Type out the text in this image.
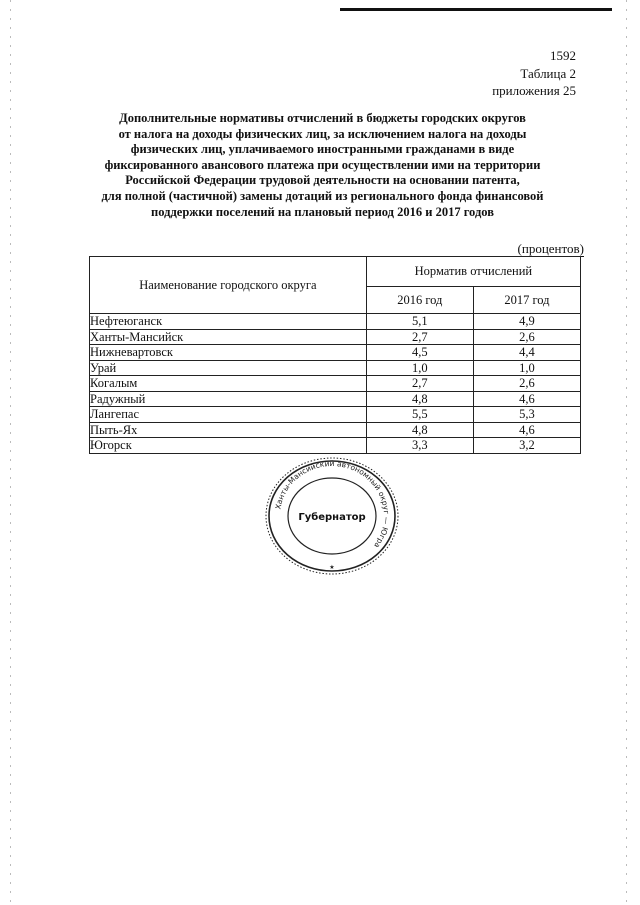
1592
Таблица 2
приложения 25
Дополнительные нормативы отчислений в бюджеты городских округов
от налога на доходы физических лиц, за исключением налога на доходы
физических лиц, уплачиваемого иностранными гражданами в виде
фиксированного авансового платежа при осуществлении ими на территории
Российской Федерации трудовой деятельности на основании патента,
для полной (частичной) замены дотаций из регионального фонда финансовой
поддержки поселений на плановый период 2016 и 2017 годов
(процентов)
Наименование городского округа	Норматив отчислений	
	2016 год	2017 год
Нефтеюганск	5,1	4,9
Ханты-Мансийск	2,7	2,6
Нижневартовск	4,5	4,4
Урай	1,0	1,0
Когалым	2,7	2,6
Радужный	4,8	4,6
Лангепас	5,5	5,3
Пыть-Ях	4,8	4,6
Югорск	3,3	3,2
Ханты-Мансийский автономный округ — Югра
Губернатор
★
